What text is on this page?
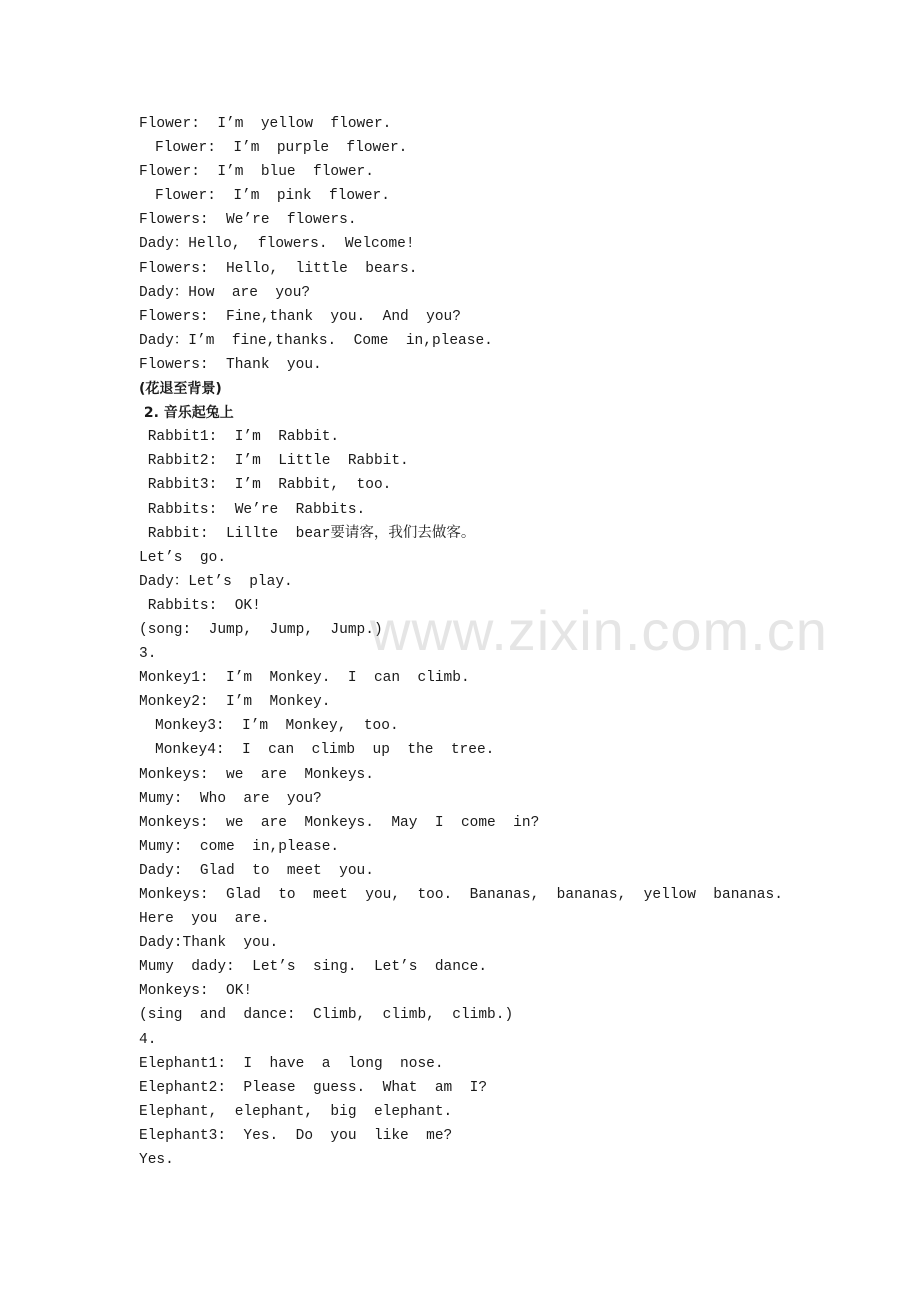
Flower:  I’m  yellow  flower.
Flower:  I’m  purple  flower.
Flower:  I’m  blue  flower.
Flower:  I’m  pink  flower.
Flowers:  We’re  flowers.
Dady：Hello,  flowers.  Welcome!
Flowers:  Hello,  little  bears.
Dady：How  are  you?
Flowers:  Fine,thank  you.  And  you?
Dady：I’m  fine,thanks.  Come  in,please.
Flowers:  Thank  you.
(花退至背景)
2. 音乐起兔上
Rabbit1:  I’m  Rabbit.
Rabbit2:  I’m  Little  Rabbit.
Rabbit3:  I’m  Rabbit,  too.
Rabbits:  We’re  Rabbits.
Rabbit:  Lillte  bear要请客，我们去做客。
Let’s  go.
Dady：Let’s  play.
Rabbits:  OK!
(song:  Jump,  Jump,  Jump.)
3.
Monkey1:  I’m  Monkey.  I  can  climb.
Monkey2:  I’m  Monkey.
Monkey3:  I’m  Monkey,  too.
Monkey4:  I  can  climb  up  the  tree.
Monkeys:  we  are  Monkeys.
Mumy:  Who  are  you?
Monkeys:  we  are  Monkeys.  May  I  come  in?
Mumy:  come  in,please.
Dady:  Glad  to  meet  you.
Monkeys:  Glad  to  meet  you,  too.  Bananas,  bananas,  yellow  bananas.
Here  you  are.
Dady:Thank  you.
Mumy  dady:  Let’s  sing.  Let’s  dance.
Monkeys:  OK!
(sing  and  dance:  Climb,  climb,  climb.)
4.
Elephant1:  I  have  a  long  nose.
Elephant2:  Please  guess.  What  am  I?
Elephant,  elephant,  big  elephant.
Elephant3:  Yes.  Do  you  like  me?
Yes.
www.zixin.com.cn
